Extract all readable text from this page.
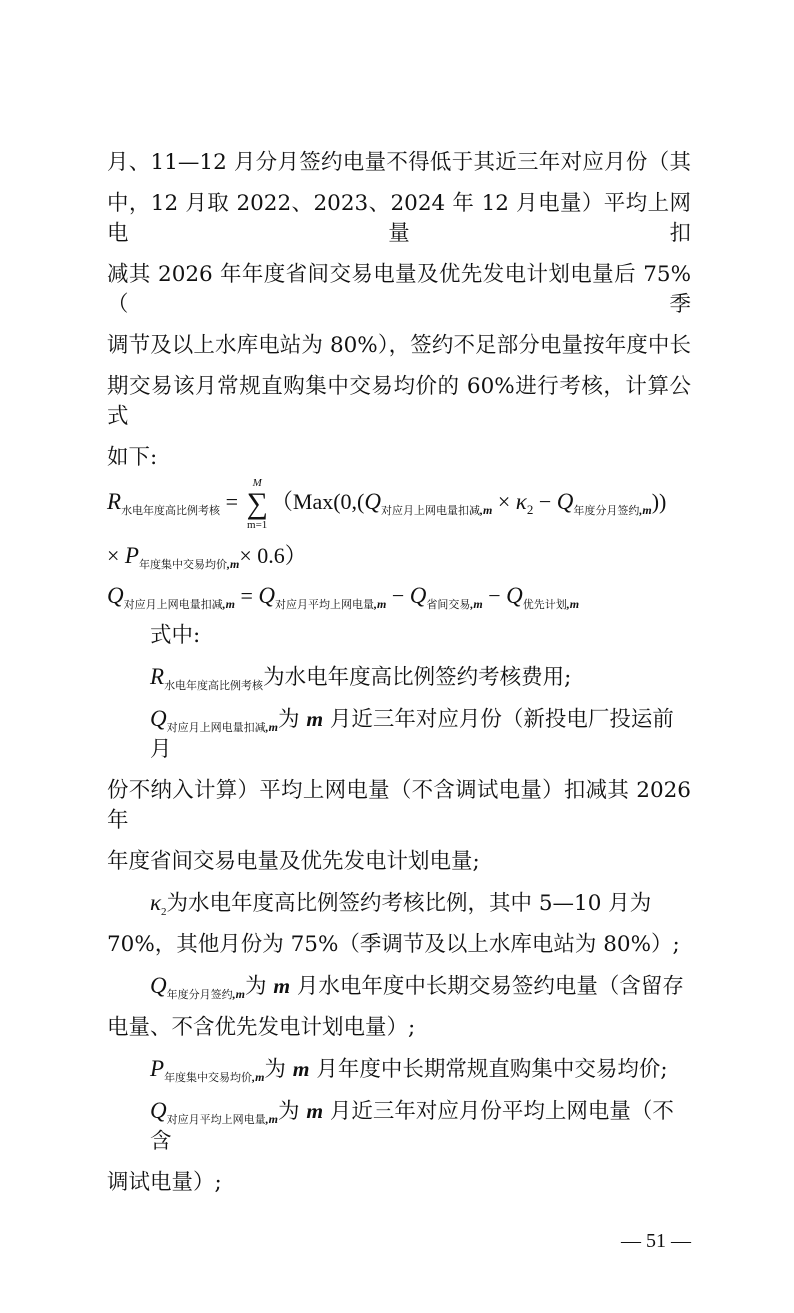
月、11—12 月分月签约电量不得低于其近三年对应月份（其
中，12 月取 2022、2023、2024 年 12 月电量）平均上网电量扣
减其 2026 年年度省间交易电量及优先发电计划电量后 75%（季
调节及以上水库电站为 80%），签约不足部分电量按年度中长
期交易该月常规直购集中交易均价的 60%进行考核，计算公式
如下:
$R_{水电年度高比例考核}$ =
M
∑
m=1
（$Max(0,(Q_{对应月上网电量扣减,m} \times \kappa_2 - Q_{年度分月签约,m}))$
× $P_{年度集中交易均价,m}\times 0.6$）
$Q_{对应月上网电量扣减,m} = Q_{对应月平均上网电量,m} - Q_{省间交易,m} - Q_{优先计划,m}$
式中:
$R_{水电年度高比例考核}$为水电年度高比例签约考核费用;
$Q_{对应月上网电量扣减,m}$为 m 月近三年对应月份（新投电厂投运前月
份不纳入计算）平均上网电量（不含调试电量）扣减其 2026 年
年度省间交易电量及优先发电计划电量;
$\kappa_2$为水电年度高比例签约考核比例，其中 5—10 月为
70%，其他月份为 75%（季调节及以上水库电站为 80%）;
$Q_{年度分月签约,m}$为 m 月水电年度中长期交易签约电量（含留存
电量、不含优先发电计划电量）;
$P_{年度集中交易均价,m}$为 m 月年度中长期常规直购集中交易均价;
$Q_{对应月平均上网电量,m}$为 m 月近三年对应月份平均上网电量（不含
调试电量）;
— 51 —
